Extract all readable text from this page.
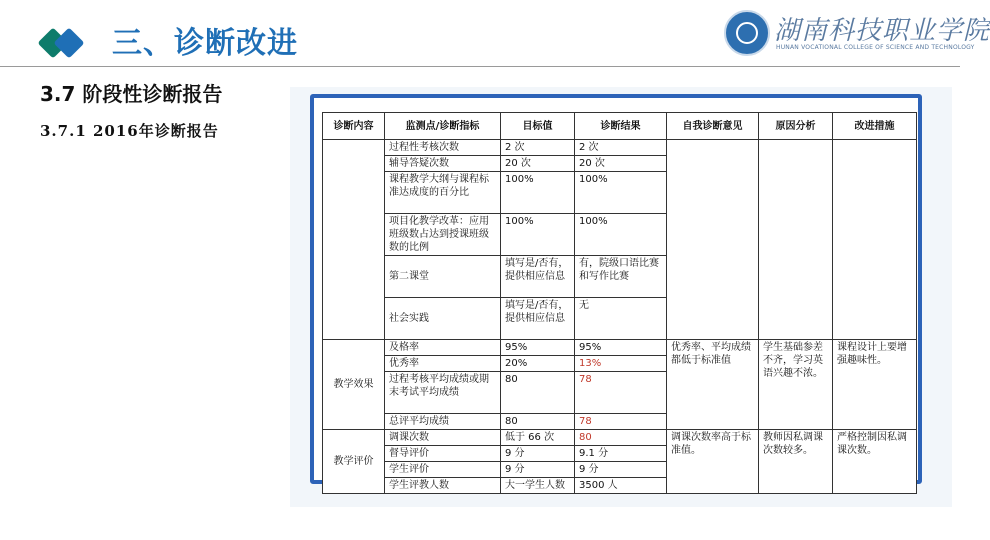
三、诊断改进	湖南科技职业学院
HUNAN VOCATIONAL COLLEGE OF SCIENCE AND TECHNOLOGY
3.7 阶段性诊断报告
3.7.1 2016年诊断报告	诊断内容	监测点/诊断指标	目标值	诊断结果	自我诊断意见	原因分析	改进措施
	过程性考核次数	2 次	2 次			
	辅导答疑次数	20 次	20 次			
	课程教学大纲与课程标准达成度的百分比	100%	100%			
	项目化教学改革：应用班级数占达到授课班级数的比例	100%	100%			
	第二课堂	填写是/否有，提供相应信息	有，院级口语比赛和写作比赛			
	社会实践	填写是/否有，提供相应信息	无			
教学效果	及格率	95%	95%	优秀率、平均成绩都低于标准值	学生基础参差不齐，学习英语兴趣不浓。	课程设计上要增强趣味性。
	优秀率	20%	13%			
	过程考核平均成绩或期末考试平均成绩	80	78			
	总评平均成绩	80	78			
教学评价	调课次数	低于 66 次	80	调课次数率高于标准值。	教师因私调课次数较多。	严格控制因私调课次数。
	督导评价	9 分	9.1 分			
	学生评价	9 分	9 分			
	学生评教人数	大一学生人数	3500 人			
